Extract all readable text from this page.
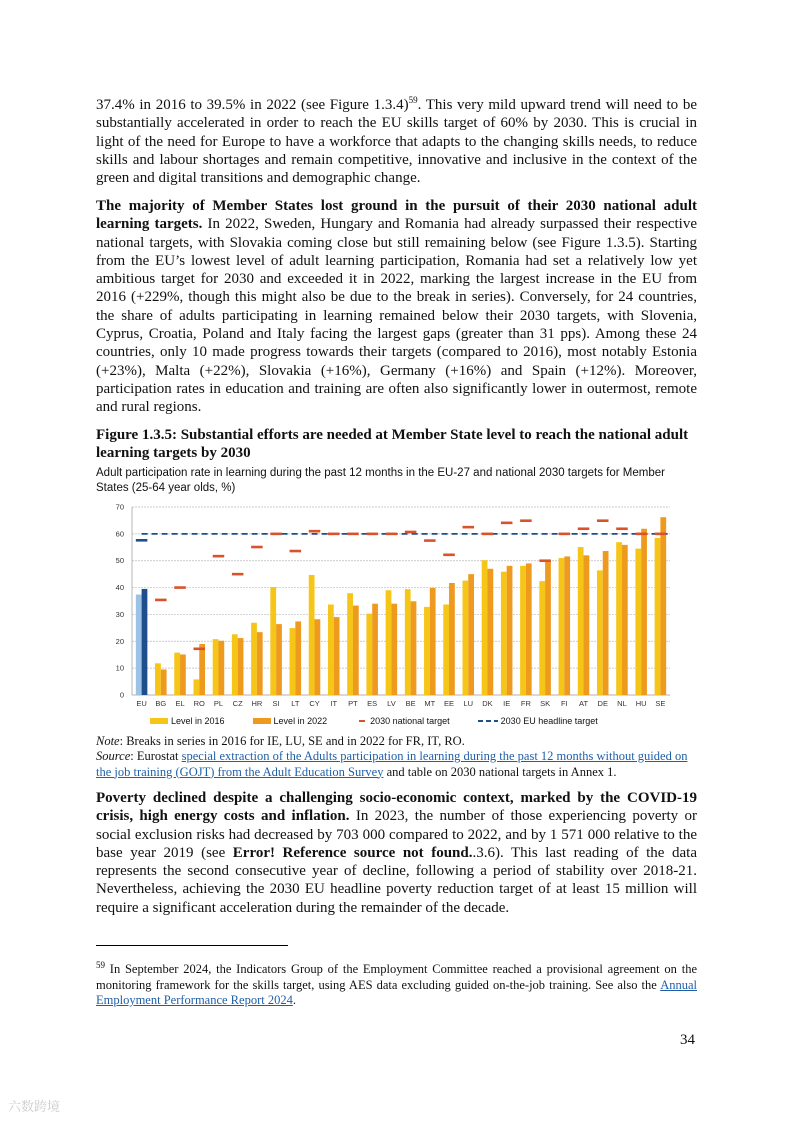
37.4% in 2016 to 39.5% in 2022 (see Figure 1.3.4)$^{59}$. This very mild upward trend will need to be substantially accelerated in order to reach the EU skills target of 60% by 2030. This is crucial in light of the need for Europe to have a workforce that adapts to the changing skills needs, to reduce skills and labour shortages and remain competitive, innovative and inclusive in the context of the green and digital transitions and demographic change.
The majority of Member States lost ground in the pursuit of their 2030 national adult learning targets. In 2022, Sweden, Hungary and Romania had already surpassed their respective national targets, with Slovakia coming close but still remaining below (see Figure 1.3.5). Starting from the EU’s lowest level of adult learning participation, Romania had set a relatively low yet ambitious target for 2030 and exceeded it in 2022, marking the largest increase in the EU from 2016 (+229%, though this might also be due to the break in series). Conversely, for 24 countries, the share of adults participating in learning remained below their 2030 targets, with Slovenia, Cyprus, Croatia, Poland and Italy facing the largest gaps (greater than 31 pps). Among these 24 countries, only 10 made progress towards their targets (compared to 2016), most notably Estonia (+23%), Malta (+22%), Slovakia (+16%), Germany (+16%) and Spain (+12%). Moreover, participation rates in education and training are often also significantly lower in outermost, remote and rural regions.
Figure 1.3.5: Substantial efforts are needed at Member State level to reach the national adult learning targets by 2030
Adult participation rate in learning during the past 12 months in the EU-27 and national 2030 targets for Member States (25-64 year olds, %)
0
10
20
30
40
50
60
70
EU BG EL RO PL CZ HR SI LT CY IT PT ES LV BE MT EE LU DK IE FR SK FI AT DE NL HU SE
Level in 2016	Level in 2022	2030 national target	2030 EU headline target
Note: Breaks in series in 2016 for IE, LU, SE and in 2022 for FR, IT, RO.
Source: Eurostat special extraction of the Adults participation in learning during the past 12 months without guided on the job training (GOJT) from the Adult Education Survey and table on 2030 national targets in Annex 1.
Poverty declined despite a challenging socio-economic context, marked by the COVID-19 crisis, high energy costs and inflation. In 2023, the number of those experiencing poverty or social exclusion risks had decreased by 703 000 compared to 2022, and by 1 571 000 relative to the base year 2019 (see Error! Reference source not found..3.6). This last reading of the data represents the second consecutive year of decline, following a period of stability over 2018-21. Nevertheless, achieving the 2030 EU headline poverty reduction target of at least 15 million will require a significant acceleration during the remainder of the decade.
$^{59}$ In September 2024, the Indicators Group of the Employment Committee reached a provisional agreement on the monitoring framework for the skills target, using AES data excluding guided on-the-job training. See also the Annual Employment Performance Report 2024.
34
六数跨境
